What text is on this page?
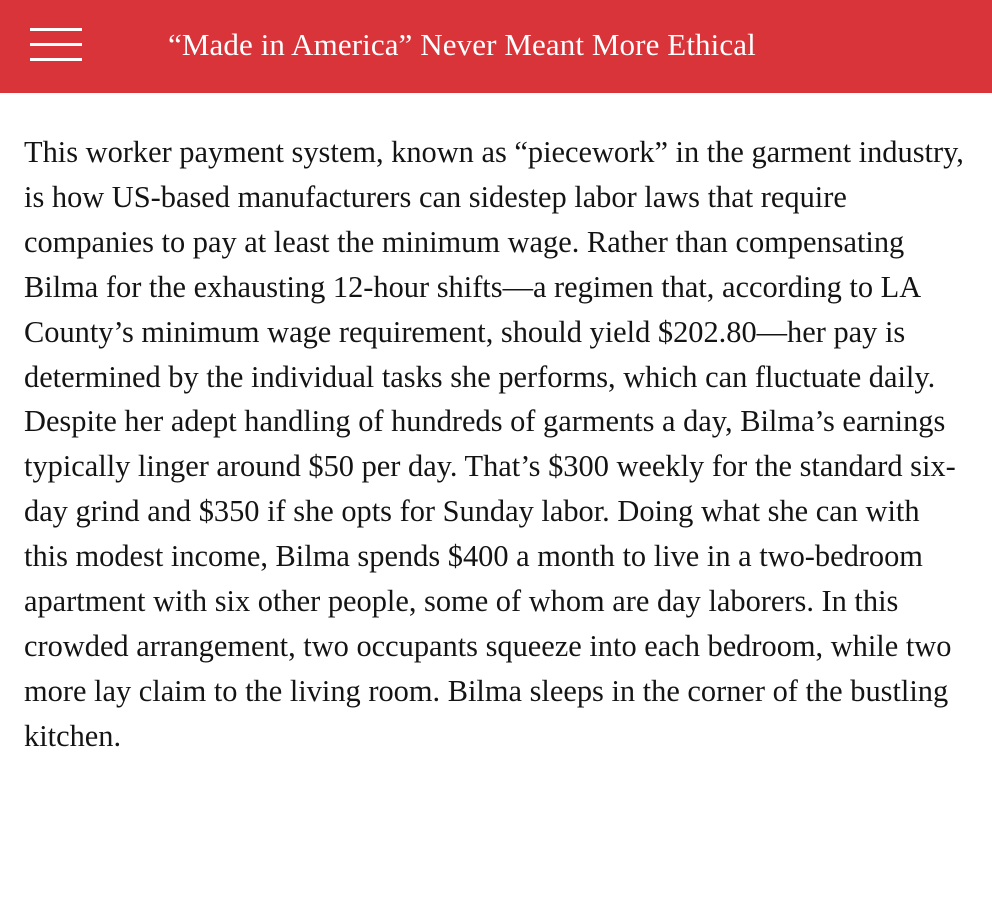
“Made in America” Never Meant More Ethical

This worker payment system, known as “piecework” in the garment industry, is how US-based manufacturers can sidestep labor laws that require companies to pay at least the minimum wage. Rather than compensating Bilma for the exhausting 12-hour shifts—a regimen that, according to LA County’s minimum wage requirement, should yield $202.80—her pay is determined by the individual tasks she performs, which can fluctuate daily. Despite her adept handling of hundreds of garments a day, Bilma’s earnings typically linger around $50 per day. That’s $300 weekly for the standard six-day grind and $350 if she opts for Sunday labor. Doing what she can with this modest income, Bilma spends $400 a month to live in a two-bedroom apartment with six other people, some of whom are day laborers. In this crowded arrangement, two occupants squeeze into each bedroom, while two more lay claim to the living room. Bilma sleeps in the corner of the bustling kitchen.
